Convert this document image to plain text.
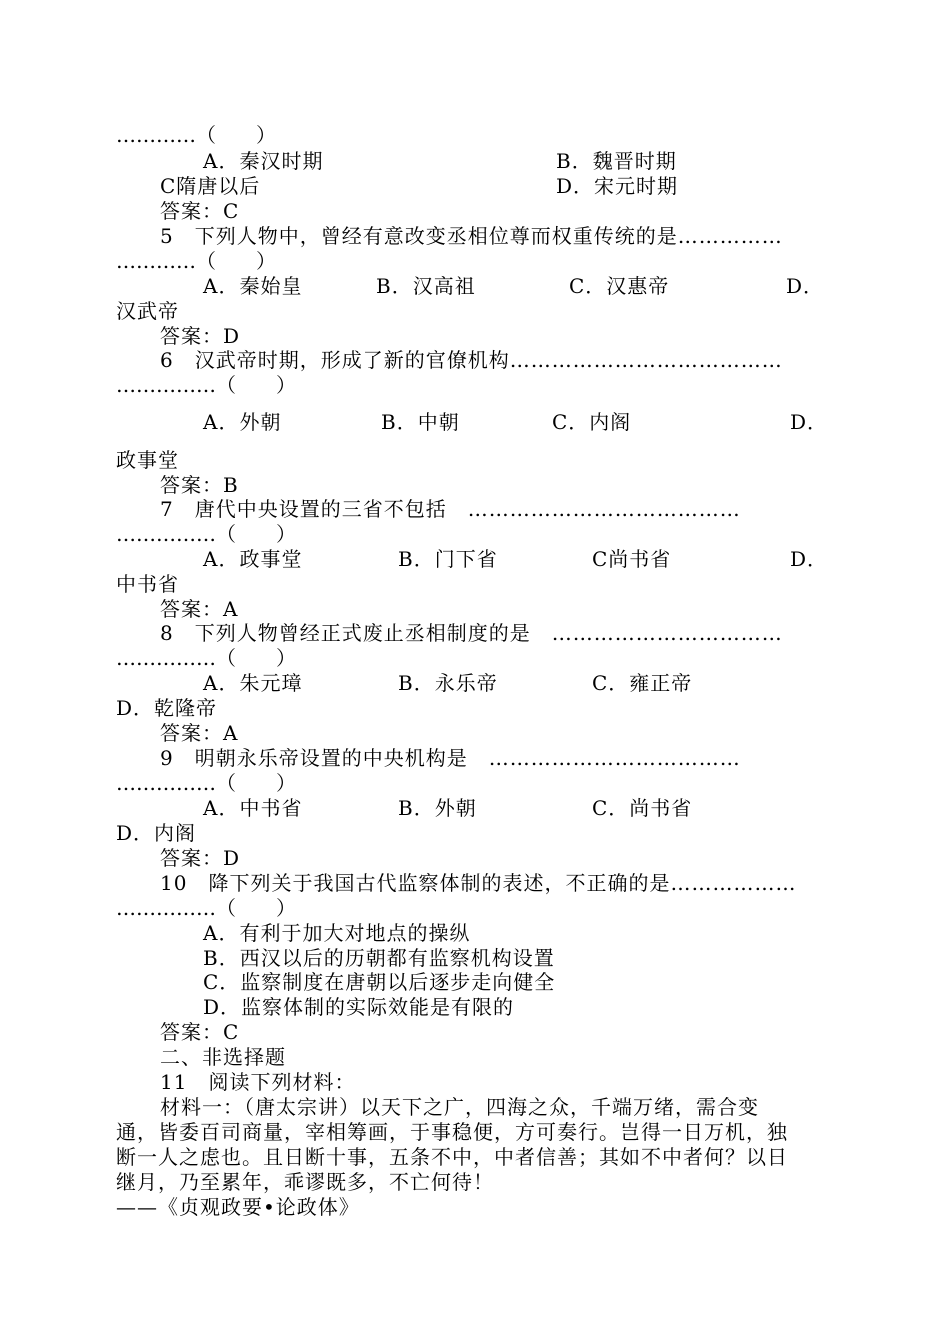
…………（　　）
A．秦汉时期	B．魏晋时期
C隋唐以后	D．宋元时期
答案：C
5　下列人物中，曾经有意改变丞相位尊而权重传统的是……………
…………（　　）
A．秦始皇	B．汉高祖	C．汉惠帝	D．
汉武帝
答案：D
6　汉武帝时期，形成了新的官僚机构…………………………………
……………（　　）
A．外朝	B．中朝	C．内阁	D．
政事堂
答案：B
7　唐代中央设置的三省不包括　…………………………………
……………（　　）
A．政事堂	B．门下省	C尚书省	D．
中书省
答案：A
8　下列人物曾经正式废止丞相制度的是　……………………………
……………（　　）
A．朱元璋	B．永乐帝	C．雍正帝
D．乾隆帝
答案：A
9　明朝永乐帝设置的中央机构是　………………………………
……………（　　）
A．中书省	B．外朝	C．尚书省
D．内阁
答案：D
10　降下列关于我国古代监察体制的表述，不正确的是………………
……………（　　）
A．有利于加大对地点的操纵
B．西汉以后的历朝都有监察机构设置
C．监察制度在唐朝以后逐步走向健全
D．监察体制的实际效能是有限的
答案：C
二、非选择题
11　阅读下列材料：
材料一：（唐太宗讲）以天下之广，四海之众，千端万绪，需合变
通，皆委百司商量，宰相筹画，于事稳便，方可奏行。岂得一日万机，独
断一人之虑也。且日断十事，五条不中，中者信善；其如不中者何？以日
继月，乃至累年，乖谬既多，不亡何待！
——《贞观政要•论政体》
